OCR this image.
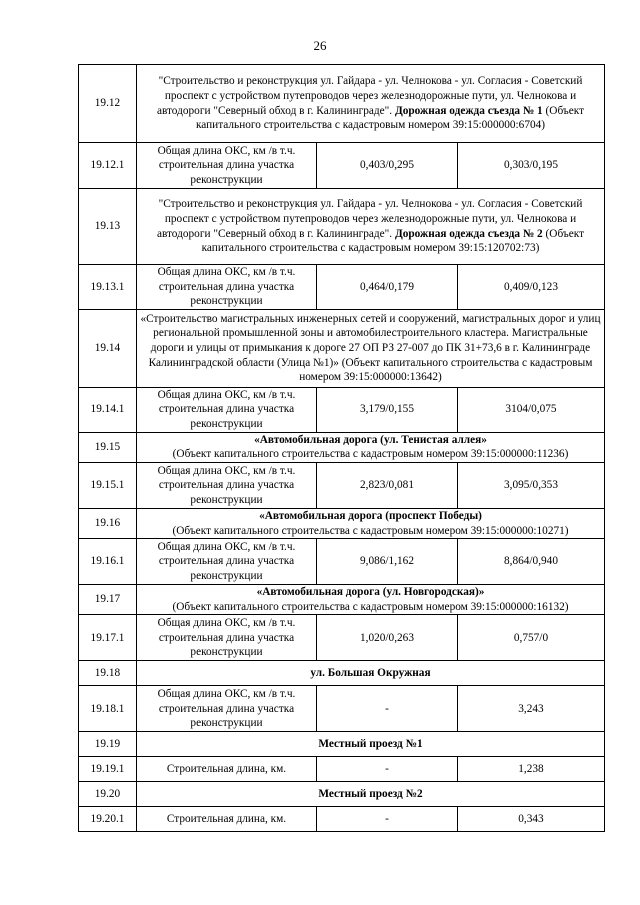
26
19.12	"Строительство и реконструкция ул. Гайдара - ул. Челнокова - ул. Согласия - Советский проспект с устройством путепроводов через железнодорожные пути, ул. Челнокова и автодороги "Северный обход в г. Калининграде". Дорожная одежда съезда № 1 (Объект капитального строительства с кадастровым номером 39:15:000000:6704)		
19.12.1	Общая длина ОКС, км /в т.ч. строительная длина участка реконструкции	0,403/0,295	0,303/0,195
19.13	"Строительство и реконструкция ул. Гайдара - ул. Челнокова - ул. Согласия - Советский проспект с устройством путепроводов через железнодорожные пути, ул. Челнокова и автодороги "Северный обход в г. Калининграде". Дорожная одежда съезда № 2 (Объект капитального строительства с кадастровым номером 39:15:120702:73)		
19.13.1	Общая длина ОКС, км /в т.ч. строительная длина участка реконструкции	0,464/0,179	0,409/0,123
19.14	«Строительство магистральных инженерных сетей и сооружений, магистральных дорог и улиц региональной промышленной зоны и автомобилестроительного кластера. Магистральные дороги и улицы от примыкания к дороге 27 ОП РЗ 27-007 до ПК 31+73,6 в г. Калининграде Калининградской области (Улица №1)» (Объект капитального строительства с кадастровым номером 39:15:000000:13642)		
19.14.1	Общая длина ОКС, км /в т.ч. строительная длина участка реконструкции	3,179/0,155	3104/0,075
19.15	«Автомобильная дорога (ул. Тенистая аллея»
(Объект капитального строительства с кадастровым номером 39:15:000000:11236)		
19.15.1	Общая длина ОКС, км /в т.ч. строительная длина участка реконструкции	2,823/0,081	3,095/0,353
19.16	«Автомобильная дорога (проспект Победы)
(Объект капитального строительства с кадастровым номером 39:15:000000:10271)		
19.16.1	Общая длина ОКС, км /в т.ч. строительная длина участка реконструкции	9,086/1,162	8,864/0,940
19.17	«Автомобильная дорога (ул. Новгородская)»
(Объект капитального строительства с кадастровым номером 39:15:000000:16132)		
19.17.1	Общая длина ОКС, км /в т.ч. строительная длина участка реконструкции	1,020/0,263	0,757/0
19.18	ул. Большая Окружная		
19.18.1	Общая длина ОКС, км /в т.ч. строительная длина участка реконструкции	-	3,243
19.19	Местный проезд №1		
19.19.1	Строительная длина, км.	-	1,238
19.20	Местный проезд №2		
19.20.1	Строительная длина, км.	-	0,343
